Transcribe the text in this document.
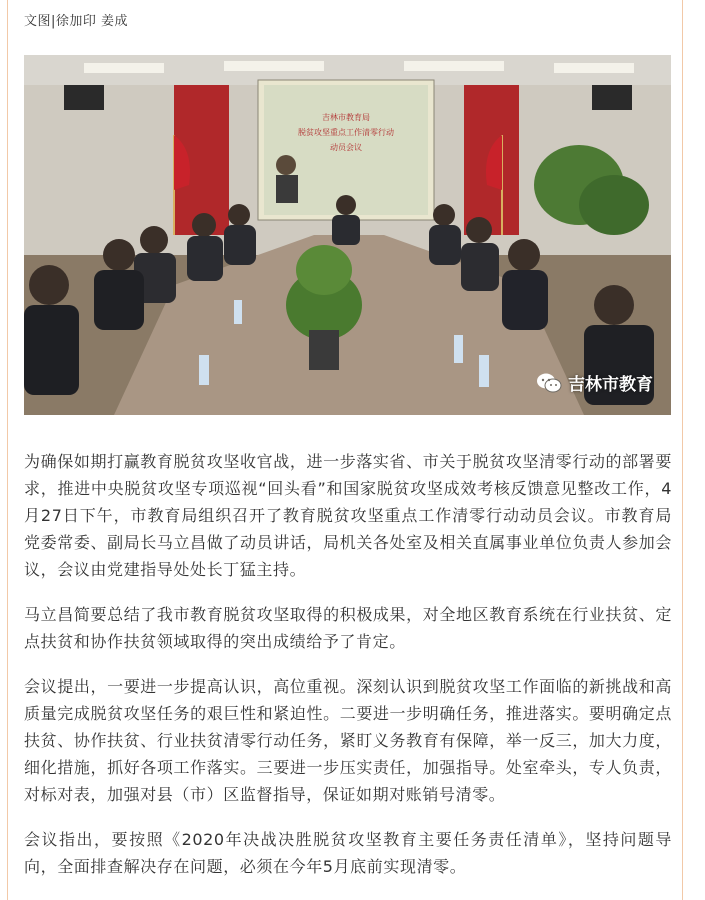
文图|徐加印 姜成
吉林市教育局
脱贫攻坚重点工作清零行动
动员会议
吉林市教育

为确保如期打赢教育脱贫攻坚收官战，进一步落实省、市关于脱贫攻坚清零行动的部署要求，推进中央脱贫攻坚专项巡视“回头看”和国家脱贫攻坚成效考核反馈意见整改工作，4月27日下午，市教育局组织召开了教育脱贫攻坚重点工作清零行动动员会议。市教育局党委常委、副局长马立昌做了动员讲话，局机关各处室及相关直属事业单位负责人参加会议，会议由党建指导处处长丁猛主持。

马立昌简要总结了我市教育脱贫攻坚取得的积极成果，对全地区教育系统在行业扶贫、定点扶贫和协作扶贫领域取得的突出成绩给予了肯定。

会议提出，一要进一步提高认识，高位重视。深刻认识到脱贫攻坚工作面临的新挑战和高质量完成脱贫攻坚任务的艰巨性和紧迫性。二要进一步明确任务，推进落实。要明确定点扶贫、协作扶贫、行业扶贫清零行动任务，紧盯义务教育有保障，举一反三，加大力度，细化措施，抓好各项工作落实。三要进一步压实责任，加强指导。处室牵头，专人负责，对标对表，加强对县（市）区监督指导，保证如期对账销号清零。

会议指出，要按照《2020年决战决胜脱贫攻坚教育主要任务责任清单》，坚持问题导向，全面排查解决存在问题，必须在今年5月底前实现清零。
